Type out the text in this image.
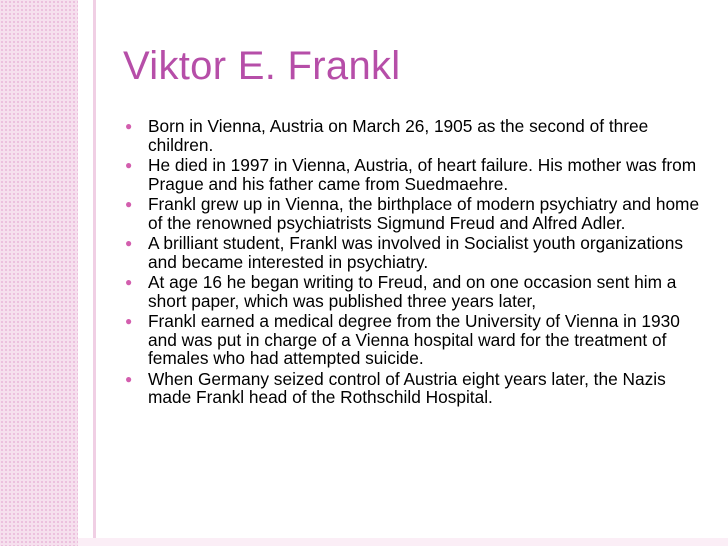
Viktor E. Frankl
● Born in Vienna, Austria on March 26, 1905 as the second of three children.
● He died in 1997 in Vienna, Austria, of heart failure. His mother was from Prague and his father came from Suedmaehre.
● Frankl grew up in Vienna, the birthplace of modern psychiatry and home of the renowned psychiatrists Sigmund Freud and Alfred Adler.
● A brilliant student, Frankl was involved in Socialist youth organizations and became interested in psychiatry.
● At age 16 he began writing to Freud, and on one occasion sent him a short paper, which was published three years later,
● Frankl earned a medical degree from the University of Vienna in 1930 and was put in charge of a Vienna hospital ward for the treatment of females who had attempted suicide.
● When Germany seized control of Austria eight years later, the Nazis made Frankl head of the Rothschild Hospital.
